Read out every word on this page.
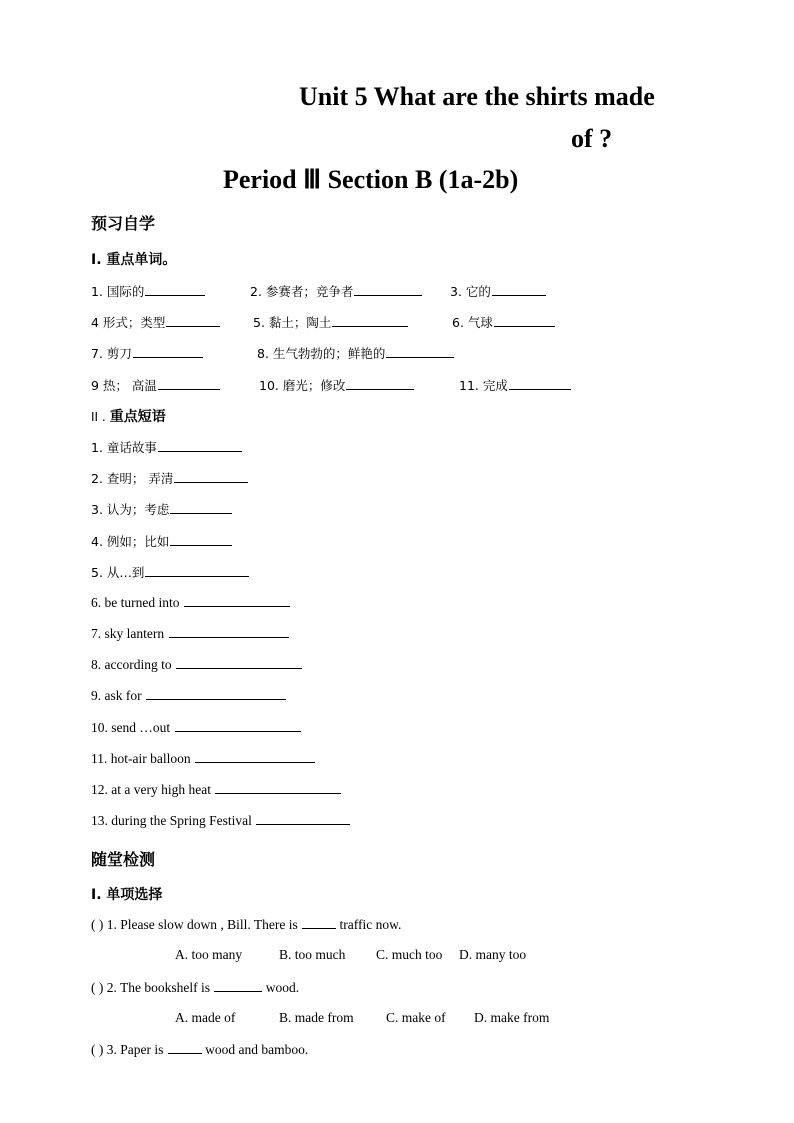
Unit 5 What are the shirts made
of ?
Period Ⅲ Section B (1a-2b)
预习自学
I. 重点单词。
1. 国际的	2. 参赛者；竞争者	3. 它的
4 形式；类型	5. 黏土；陶土	6. 气球
7. 剪刀	8. 生气勃勃的；鲜艳的
9 热； 高温	10. 磨光；修改	11. 完成
II . 重点短语
1. 童话故事
2. 查明； 弄清
3. 认为；考虑
4. 例如；比如
5. 从…到
6. be turned into
7. sky lantern
8. according to
9. ask for
10. send …out
11. hot-air balloon
12. at a very high heat
13. during the Spring Festival
随堂检测
I. 单项选择
( ) 1. Please slow down , Bill. There is	traffic now.
A. too many	B. too much C. much too D. many too
( ) 2. The bookshelf is	wood.
A. made of	B. made from C. make of D. make from
( ) 3. Paper is	wood and bamboo.
